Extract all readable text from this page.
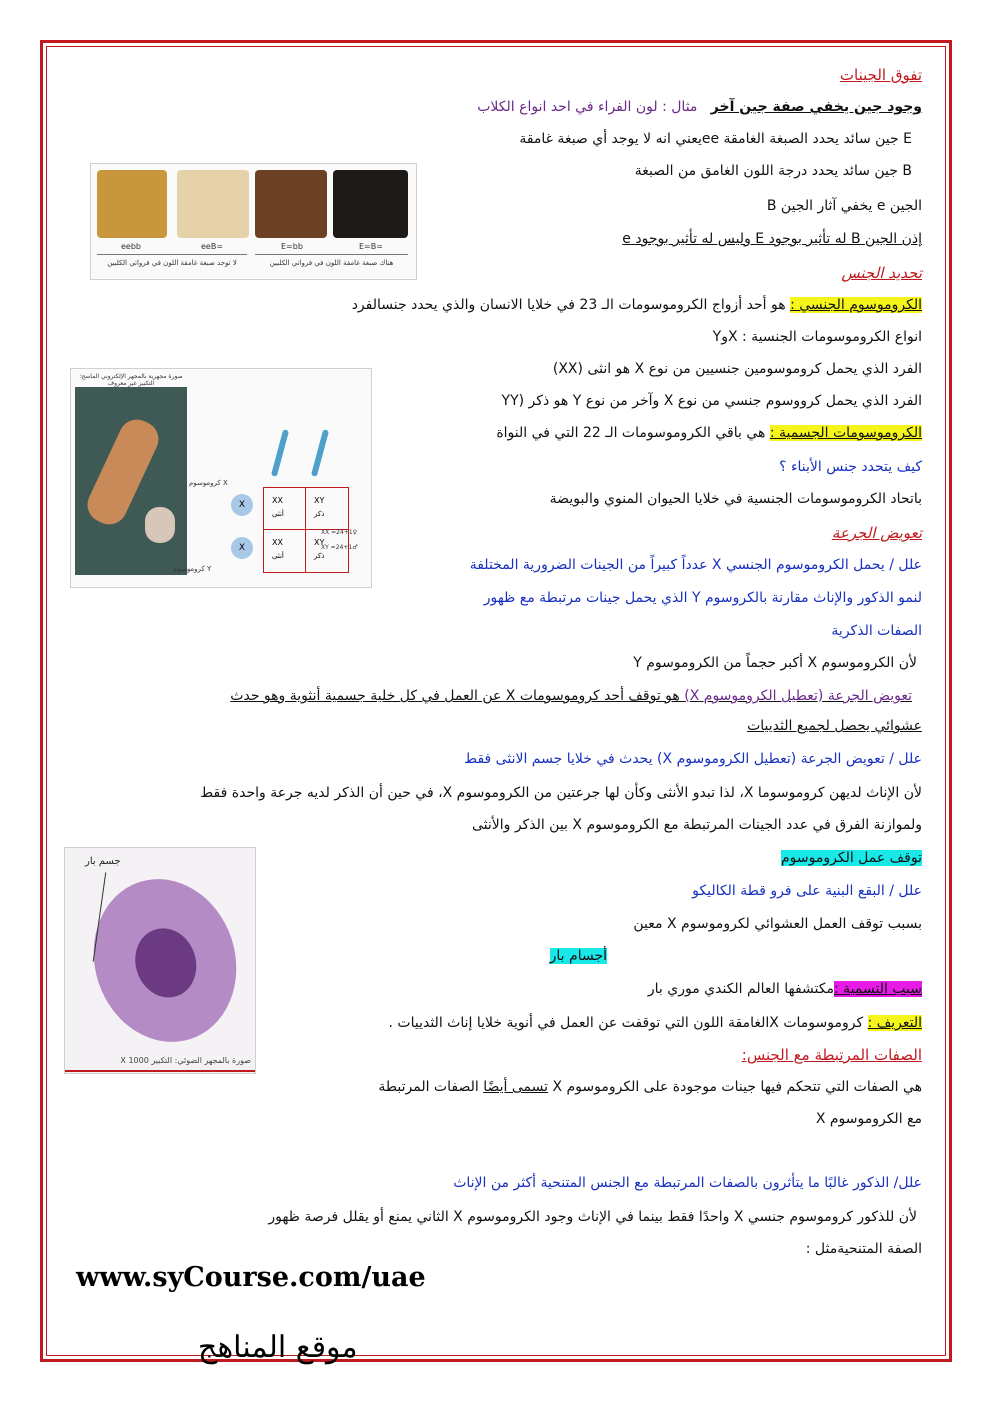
تفوق الجينات
وجود جين يخفي صفة جين آخر   مثال : لون الفراء في احد انواع الكلاب
E جين سائد يحدد الصبغة الغامقة eeيعني انه لا يوجد أي صبغة غامقة
B جين سائد يحدد درجة اللون الغامق من الصبغة
الجين e يخفي آثار الجين B
إذن الجين B له تأثير بوجود E وليس له تأثير بوجود e
eebb	eeB=	E=bb	E=B=
لا توجد صبغة غامقة اللون في فرواتي الكلبين	هناك صبغة غامقة اللون في فرواتي الكلبين
تحديد الجنس
الكروموسوم الجنسي : هو أحد أزواج الكروموسومات الـ 23 في خلايا الانسان والذي يحدد جنسالفرد
انواع الكروموسومات الجنسية : XوY
الفرد الذي يحمل كروموسومين جنسيين من نوع X هو انثى (XX)
الفرد الذي يحمل كرووسوم جنسي من نوع X وآخر من نوع Y هو ذكر (YY
الكروموسومات الجسمية : هي باقي الكروموسومات الـ 22 التي في النواة
كيف يتحدد جنس الأبناء ؟
باتحاد الكروموسومات الجنسية في خلايا الحيوان المنوي والبويضة
صورة مجهرية بالمجهر الإلكتروني الماسح: التكبير غير معروف
كروموسوم X
كروموسوم Y
X
X
XX	XY
XX	XY
أنثى	ذكر
أنثى	ذكر
XX =24+1♀
XY =24+1♂
تعويض الجرعة
علل / يحمل الكروموسوم الجنسي X عدداً كبيراً من الجينات الضرورية المختلفة
لنمو الذكور والإناث مقارنة بالكروسوم Y الذي يحمل جينات مرتبطة مع ظهور
الصفات الذكرية
لأن الكروموسوم X أكبر حجماً من الكروموسوم Y
تعويض الجرعة (تعطيل الكروموسوم X) هو توقف أحد كروموسومات X عن العمل في كل خلية جسمية أنثوية وهو حدث
عشوائي يحصل لجميع الثدييات
علل / تعويض الجرعة (تعطيل الكروموسوم X) يحدث في خلايا جسم الانثى فقط
لأن الإناث لديهن كروموسوما X، لذا تبدو الأنثى وكأن لها جرعتين من الكروموسوم X، في حين أن الذكر لديه جرعة واحدة فقط
ولموازنة الفرق في عدد الجينات المرتبطة مع الكروموسوم X بين الذكر والأنثى
توقف عمل الكروموسوم
علل / البقع البنية على فرو قطة الكاليكو
بسبب توقف العمل العشوائي لكروموسوم X معين
أجسام بار
سبب التسمية :مكتشفها العالم الكندي موري بار
التعريف : كروموسومات Xالغامقة اللون التي توقفت عن العمل في أنوية خلايا إناث الثدييات .
جسم بار
صورة بالمجهر الضوئي: التكبير 1000 X	الصفات المرتبطة مع الجنس:
هي الصفات التي تتحكم فيها جينات موجودة على الكروموسوم X تسمى أيضًا الصفات المرتبطة
مع الكروموسوم X
علل/ الذكور غالبًا ما يتأثرون بالصفات المرتبطة مع الجنس المتنحية أكثر من الإناث
لأن للذكور كروموسوم جنسي X واحدًا فقط بينما في الإناث وجود الكروموسوم X الثاني يمنع أو يقلل فرصة ظهور
الصفة المتنحيةمثل :
www.syCourse.com/uae
موقع المناهج
